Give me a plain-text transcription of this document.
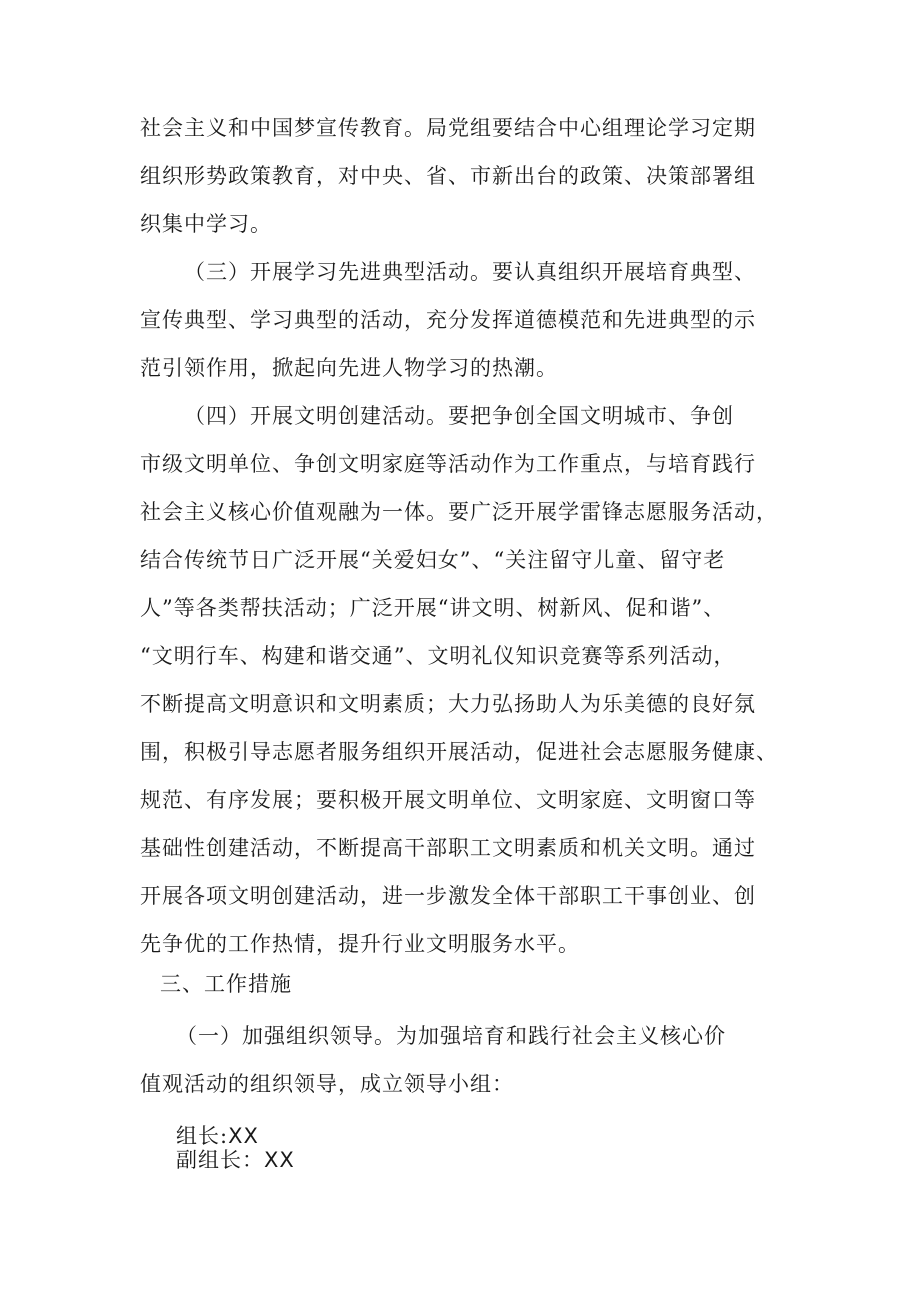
社会主义和中国梦宣传教育。局党组要结合中心组理论学习定期
组织形势政策教育，对中央、省、市新出台的政策、决策部署组
织集中学习。
（三）开展学习先进典型活动。要认真组织开展培育典型、
宣传典型、学习典型的活动，充分发挥道德模范和先进典型的示
范引领作用，掀起向先进人物学习的热潮。
（四）开展文明创建活动。要把争创全国文明城市、争创
市级文明单位、争创文明家庭等活动作为工作重点，与培育践行
社会主义核心价值观融为一体。要广泛开展学雷锋志愿服务活动，
结合传统节日广泛开展“关爱妇女”、“关注留守儿童、留守老
人”等各类帮扶活动；广泛开展“讲文明、树新风、促和谐”、
“文明行车、构建和谐交通”、文明礼仪知识竞赛等系列活动，
不断提高文明意识和文明素质；大力弘扬助人为乐美德的良好氛
围，积极引导志愿者服务组织开展活动，促进社会志愿服务健康、
规范、有序发展；要积极开展文明单位、文明家庭、文明窗口等
基础性创建活动，不断提高干部职工文明素质和机关文明。通过
开展各项文明创建活动，进一步激发全体干部职工干事创业、创
先争优的工作热情，提升行业文明服务水平。
三、工作措施
（一）加强组织领导。为加强培育和践行社会主义核心价
值观活动的组织领导，成立领导小组：
组长:XX
副组长：XX
